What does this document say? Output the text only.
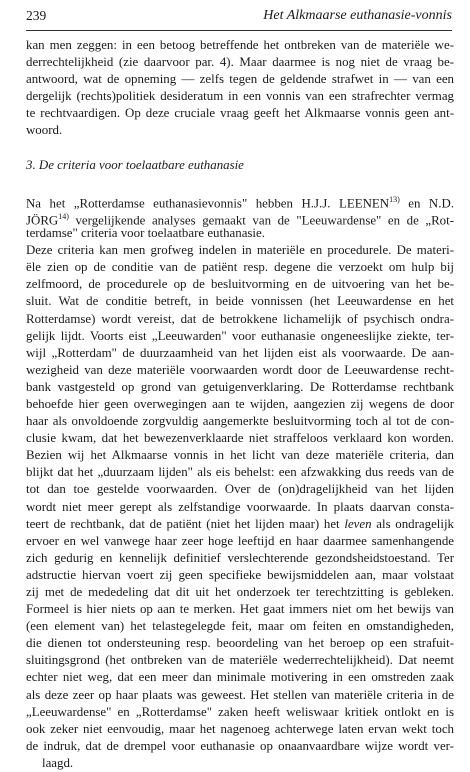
239	Het Alkmaarse euthanasie-vonnis
kan men zeggen: in een betoog betreffende het ontbreken van de materiële we-
derrechtelijkheid (zie daarvoor par. 4). Maar daarmee is nog niet de vraag be-
antwoord, wat de opneming — zelfs tegen de geldende strafwet in — van een
dergelijk (rechts)politiek desideratum in een vonnis van een strafrechter vermag
te rechtvaardigen. Op deze cruciale vraag geeft het Alkmaarse vonnis geen ant-
woord.
3. De criteria voor toelaatbare euthanasie
Na het „Rotterdamse euthanasievonnis" hebben H.J.J. LEENEN$^{13)}$ en N.D.
JÖRG$^{14)}$ vergelijkende analyses gemaakt van de "Leeuwardense" en de „Rot-
terdamse" criteria voor toelaatbare euthanasie.
Deze criteria kan men grofweg indelen in materiële en procedurele. De materi-
ële zien op de conditie van de patiënt resp. degene die verzoekt om hulp bij
zelfmoord, de procedurele op de besluitvorming en de uitvoering van het be-
sluit. Wat de conditie betreft, in beide vonnissen (het Leeuwardense en het
Rotterdamse) wordt vereist, dat de betrokkene lichamelijk of psychisch ondra-
gelijk lijdt. Voorts eist „Leeuwarden" voor euthanasie ongeneeslijke ziekte, ter-
wijl „Rotterdam" de duurzaamheid van het lijden eist als voorwaarde. De aan-
wezigheid van deze materiële voorwaarden wordt door de Leeuwardense recht-
bank vastgesteld op grond van getuigenverklaring. De Rotterdamse rechtbank
behoefde hier geen overwegingen aan te wijden, aangezien zij wegens de door
haar als onvoldoende zorgvuldig aangemerkte besluitvorming toch al tot de con-
clusie kwam, dat het bewezenverklaarde niet straffeloos verklaard kon worden.
Bezien wij het Alkmaarse vonnis in het licht van deze materiële criteria, dan
blijkt dat het „duurzaam lijden" als eis behelst: een afzwakking dus reeds van de
tot dan toe gestelde voorwaarden. Over de (on)dragelijkheid van het lijden
wordt niet meer gerept als zelfstandige voorwaarde. In plaats daarvan consta-
teert de rechtbank, dat de patiënt (niet het lijden maar) het leven als ondragelijk
ervoer en wel vanwege haar zeer hoge leeftijd en haar daarmee samenhangende
zich gedurig en kennelijk definitief verslechterende gezondsheidstoestand. Ter
adstructie hiervan voert zij geen specifieke bewijsmiddelen aan, maar volstaat
zij met de mededeling dat dit uit het onderzoek ter terechtzitting is gebleken.
Formeel is hier niets op aan te merken. Het gaat immers niet om het bewijs van
(een element van) het telastegelegde feit, maar om feiten en omstandigheden,
die dienen tot ondersteuning resp. beoordeling van het beroep op een strafuit-
sluitingsgrond (het ontbreken van de materiële wederrechtelijkheid). Dat neemt
echter niet weg, dat een meer dan minimale motivering in een omstreden zaak
als deze zeer op haar plaats was geweest. Het stellen van materiële criteria in de
„Leeuwardense" en „Rotterdamse" zaken heeft weliswaar kritiek ontlokt en is
ook zeker niet eenvoudig, maar het nagenoeg achterwege laten ervan wekt toch
de indruk, dat de drempel voor euthanasie op onaanvaardbare wijze wordt ver-
laagd.
